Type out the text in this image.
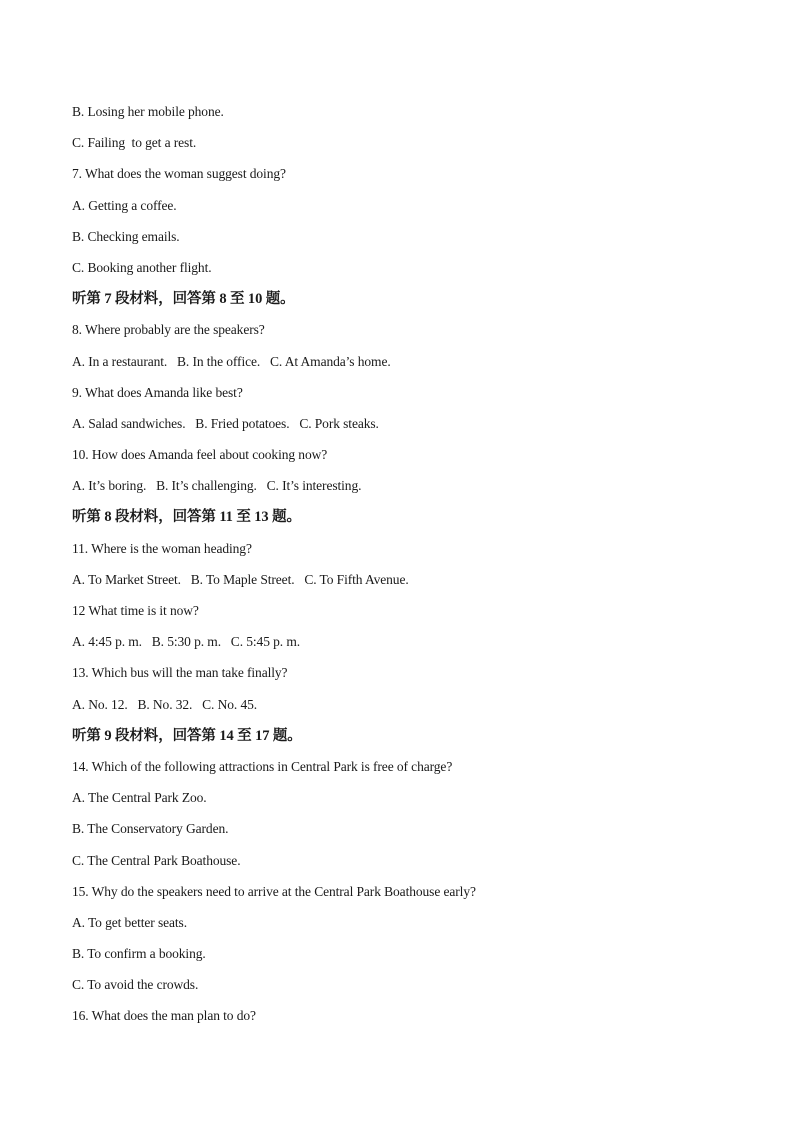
B. Losing her mobile phone.
C. Failing  to get a rest.
7. What does the woman suggest doing?
A. Getting a coffee.
B. Checking emails.
C. Booking another flight.
听第 7 段材料，回答第 8 至 10 题。
8. Where probably are the speakers?
A. In a restaurant.   B. In the office.   C. At Amanda’s home.
9. What does Amanda like best?
A. Salad sandwiches.   B. Fried potatoes.   C. Pork steaks.
10. How does Amanda feel about cooking now?
A. It’s boring.   B. It’s challenging.   C. It’s interesting.
听第 8 段材料，回答第 11 至 13 题。
11. Where is the woman heading?
A. To Market Street.   B. To Maple Street.   C. To Fifth Avenue.
12 What time is it now?
A. 4:45 p. m.   B. 5:30 p. m.   C. 5:45 p. m.
13. Which bus will the man take finally?
A. No. 12.   B. No. 32.   C. No. 45.
听第 9 段材料，回答第 14 至 17 题。
14. Which of the following attractions in Central Park is free of charge?
A. The Central Park Zoo.
B. The Conservatory Garden.
C. The Central Park Boathouse.
15. Why do the speakers need to arrive at the Central Park Boathouse early?
A. To get better seats.
B. To confirm a booking.
C. To avoid the crowds.
16. What does the man plan to do?
